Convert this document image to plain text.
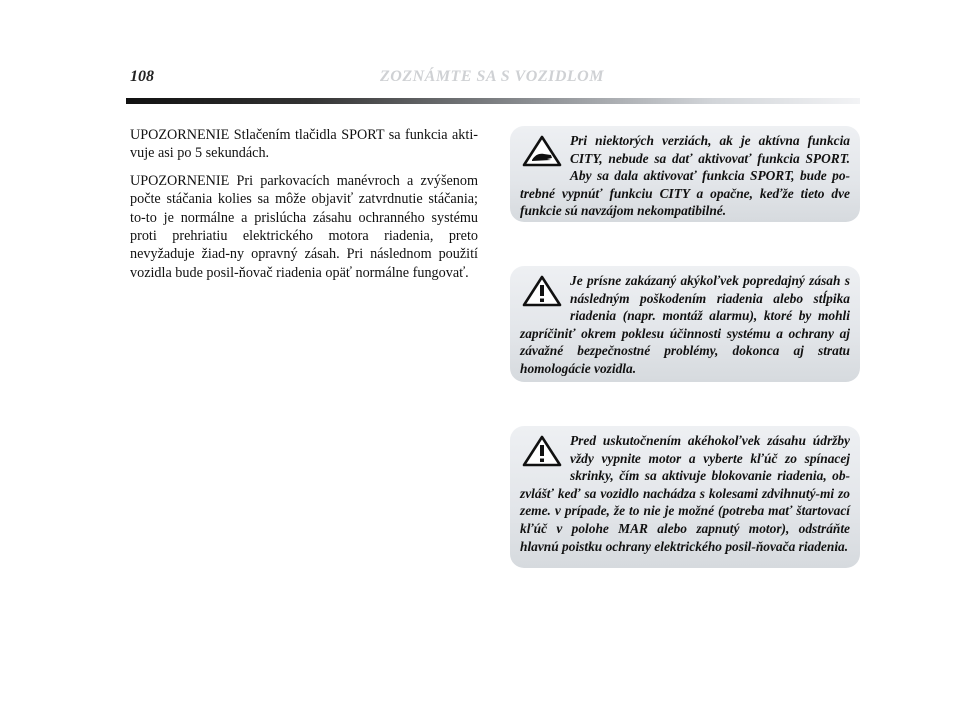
108	ZOZNÁMTE SA S VOZIDLOM

UPOZORNENIE Stlačením tlačidla SPORT sa funkcia akti-vuje asi po 5 sekundách.

UPOZORNENIE Pri parkovacích manévroch a zvýšenom počte stáčania kolies sa môže objaviť zatvrdnutie stáčania; to-to je normálne a prislúcha zásahu ochranného systému proti prehriatiu elektrického motora riadenia, preto nevyžaduje žiad-ny opravný zásah. Pri následnom použití vozidla bude posil-ňovač riadenia opäť normálne fungovať.

Pri niektorých verziách, ak je aktívna funkcia CITY, nebude sa dať aktivovať funkcia SPORT. Aby sa dala aktivovať funkcia SPORT, bude po-trebné vypnúť funkciu CITY a opačne, keďže tieto dve funkcie sú navzájom nekompatibilné.
Je prísne zakázaný akýkoľvek popredajný zásah s následným poškodením riadenia alebo stĺpika riadenia (napr. montáž alarmu), ktoré by mohli zapríčiniť okrem poklesu účinnosti systému a ochrany aj závažné bezpečnostné problémy, dokonca aj stratu homologácie vozidla.
Pred uskutočnením akéhokoľvek zásahu údržby vždy vypnite motor a vyberte kľúč zo spínacej skrinky, čím sa aktivuje blokovanie riadenia, ob-zvlášť keď sa vozidlo nachádza s kolesami zdvihnutý-mi zo zeme. v prípade, že to nie je možné (potreba mať štartovací kľúč v polohe MAR alebo zapnutý motor), odstráňte hlavnú poistku ochrany elektrického posil-ňovača riadenia.
